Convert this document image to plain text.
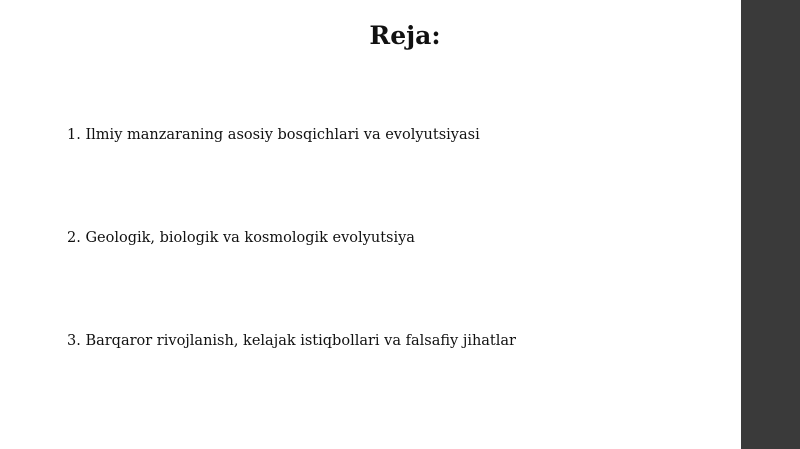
Reja:
1. Ilmiy manzaraning asosiy bosqichlari va evolyutsiyasi
2. Geologik, biologik va kosmologik evolyutsiya
3. Barqaror rivojlanish, kelajak istiqbollari va falsafiy jihatlar
